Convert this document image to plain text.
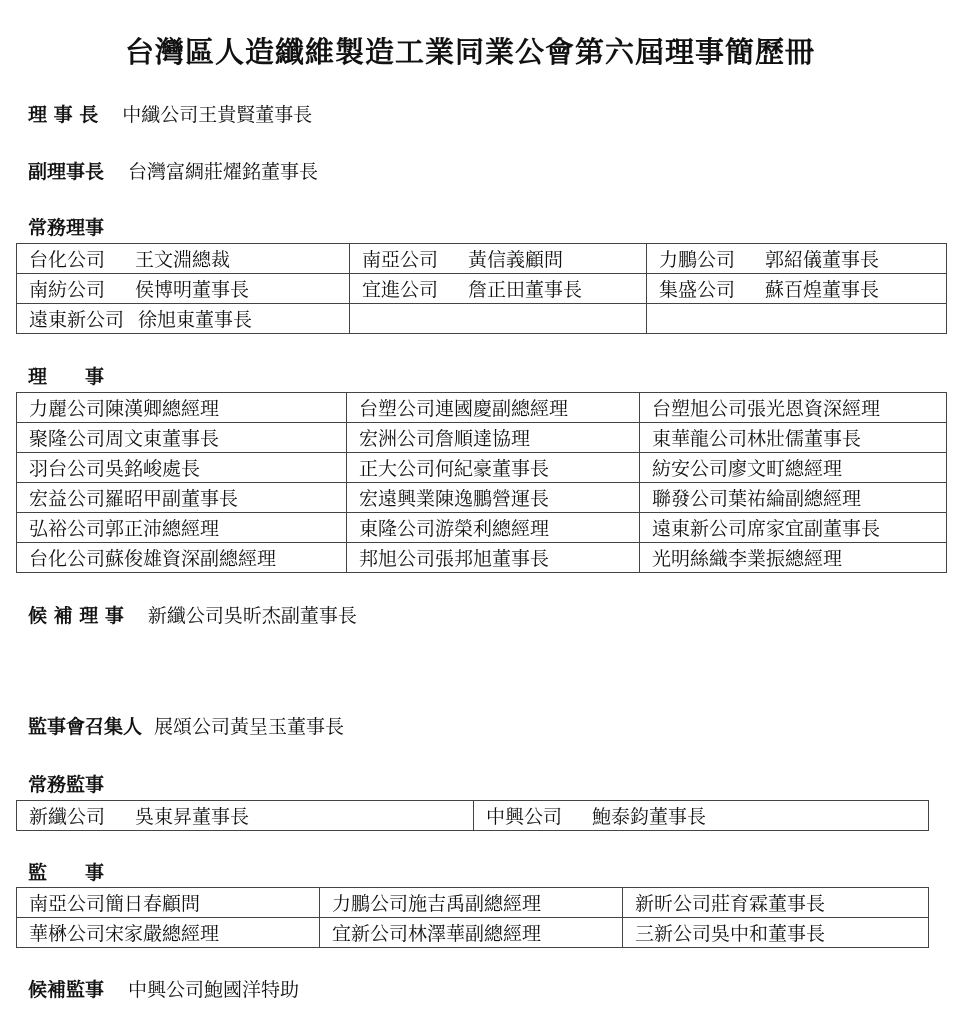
台灣區人造纖維製造工業同業公會第六屆理事簡歷冊
理 事 長 中纖公司王貴賢董事長
副理事長 台灣富綢莊燿銘董事長
常務理事
台化公司 王文淵總裁	南亞公司 黃信義顧問	力鵬公司 郭紹儀董事長
南紡公司 侯博明董事長	宜進公司 詹正田董事長	集盛公司 蘇百煌董事長
遠東新公司 徐旭東董事長		
理　　事
力麗公司陳漢卿總經理	台塑公司連國慶副總經理	台塑旭公司張光恩資深經理
聚隆公司周文東董事長	宏洲公司詹順達協理	東華龍公司林壯儒董事長
羽台公司吳銘峻處長	正大公司何紀豪董事長	紡安公司廖文町總經理
宏益公司羅昭甲副董事長	宏遠興業陳逸鵬營運長	聯發公司葉祐綸副總經理
弘裕公司郭正沛總經理	東隆公司游榮利總經理	遠東新公司席家宜副董事長
台化公司蘇俊雄資深副總經理	邦旭公司張邦旭董事長	光明絲織李業振總經理
候 補 理 事 新纖公司吳昕杰副董事長
監事會召集人 展頌公司黃呈玉董事長
常務監事
新纖公司 吳東昇董事長	中興公司 鮑泰鈞董事長
監　　事
南亞公司簡日春顧問	力鵬公司施吉禹副總經理	新昕公司莊育霖董事長
華楙公司宋家嚴總經理	宜新公司林澤華副總經理	三新公司吳中和董事長
候補監事 中興公司鮑國洋特助
